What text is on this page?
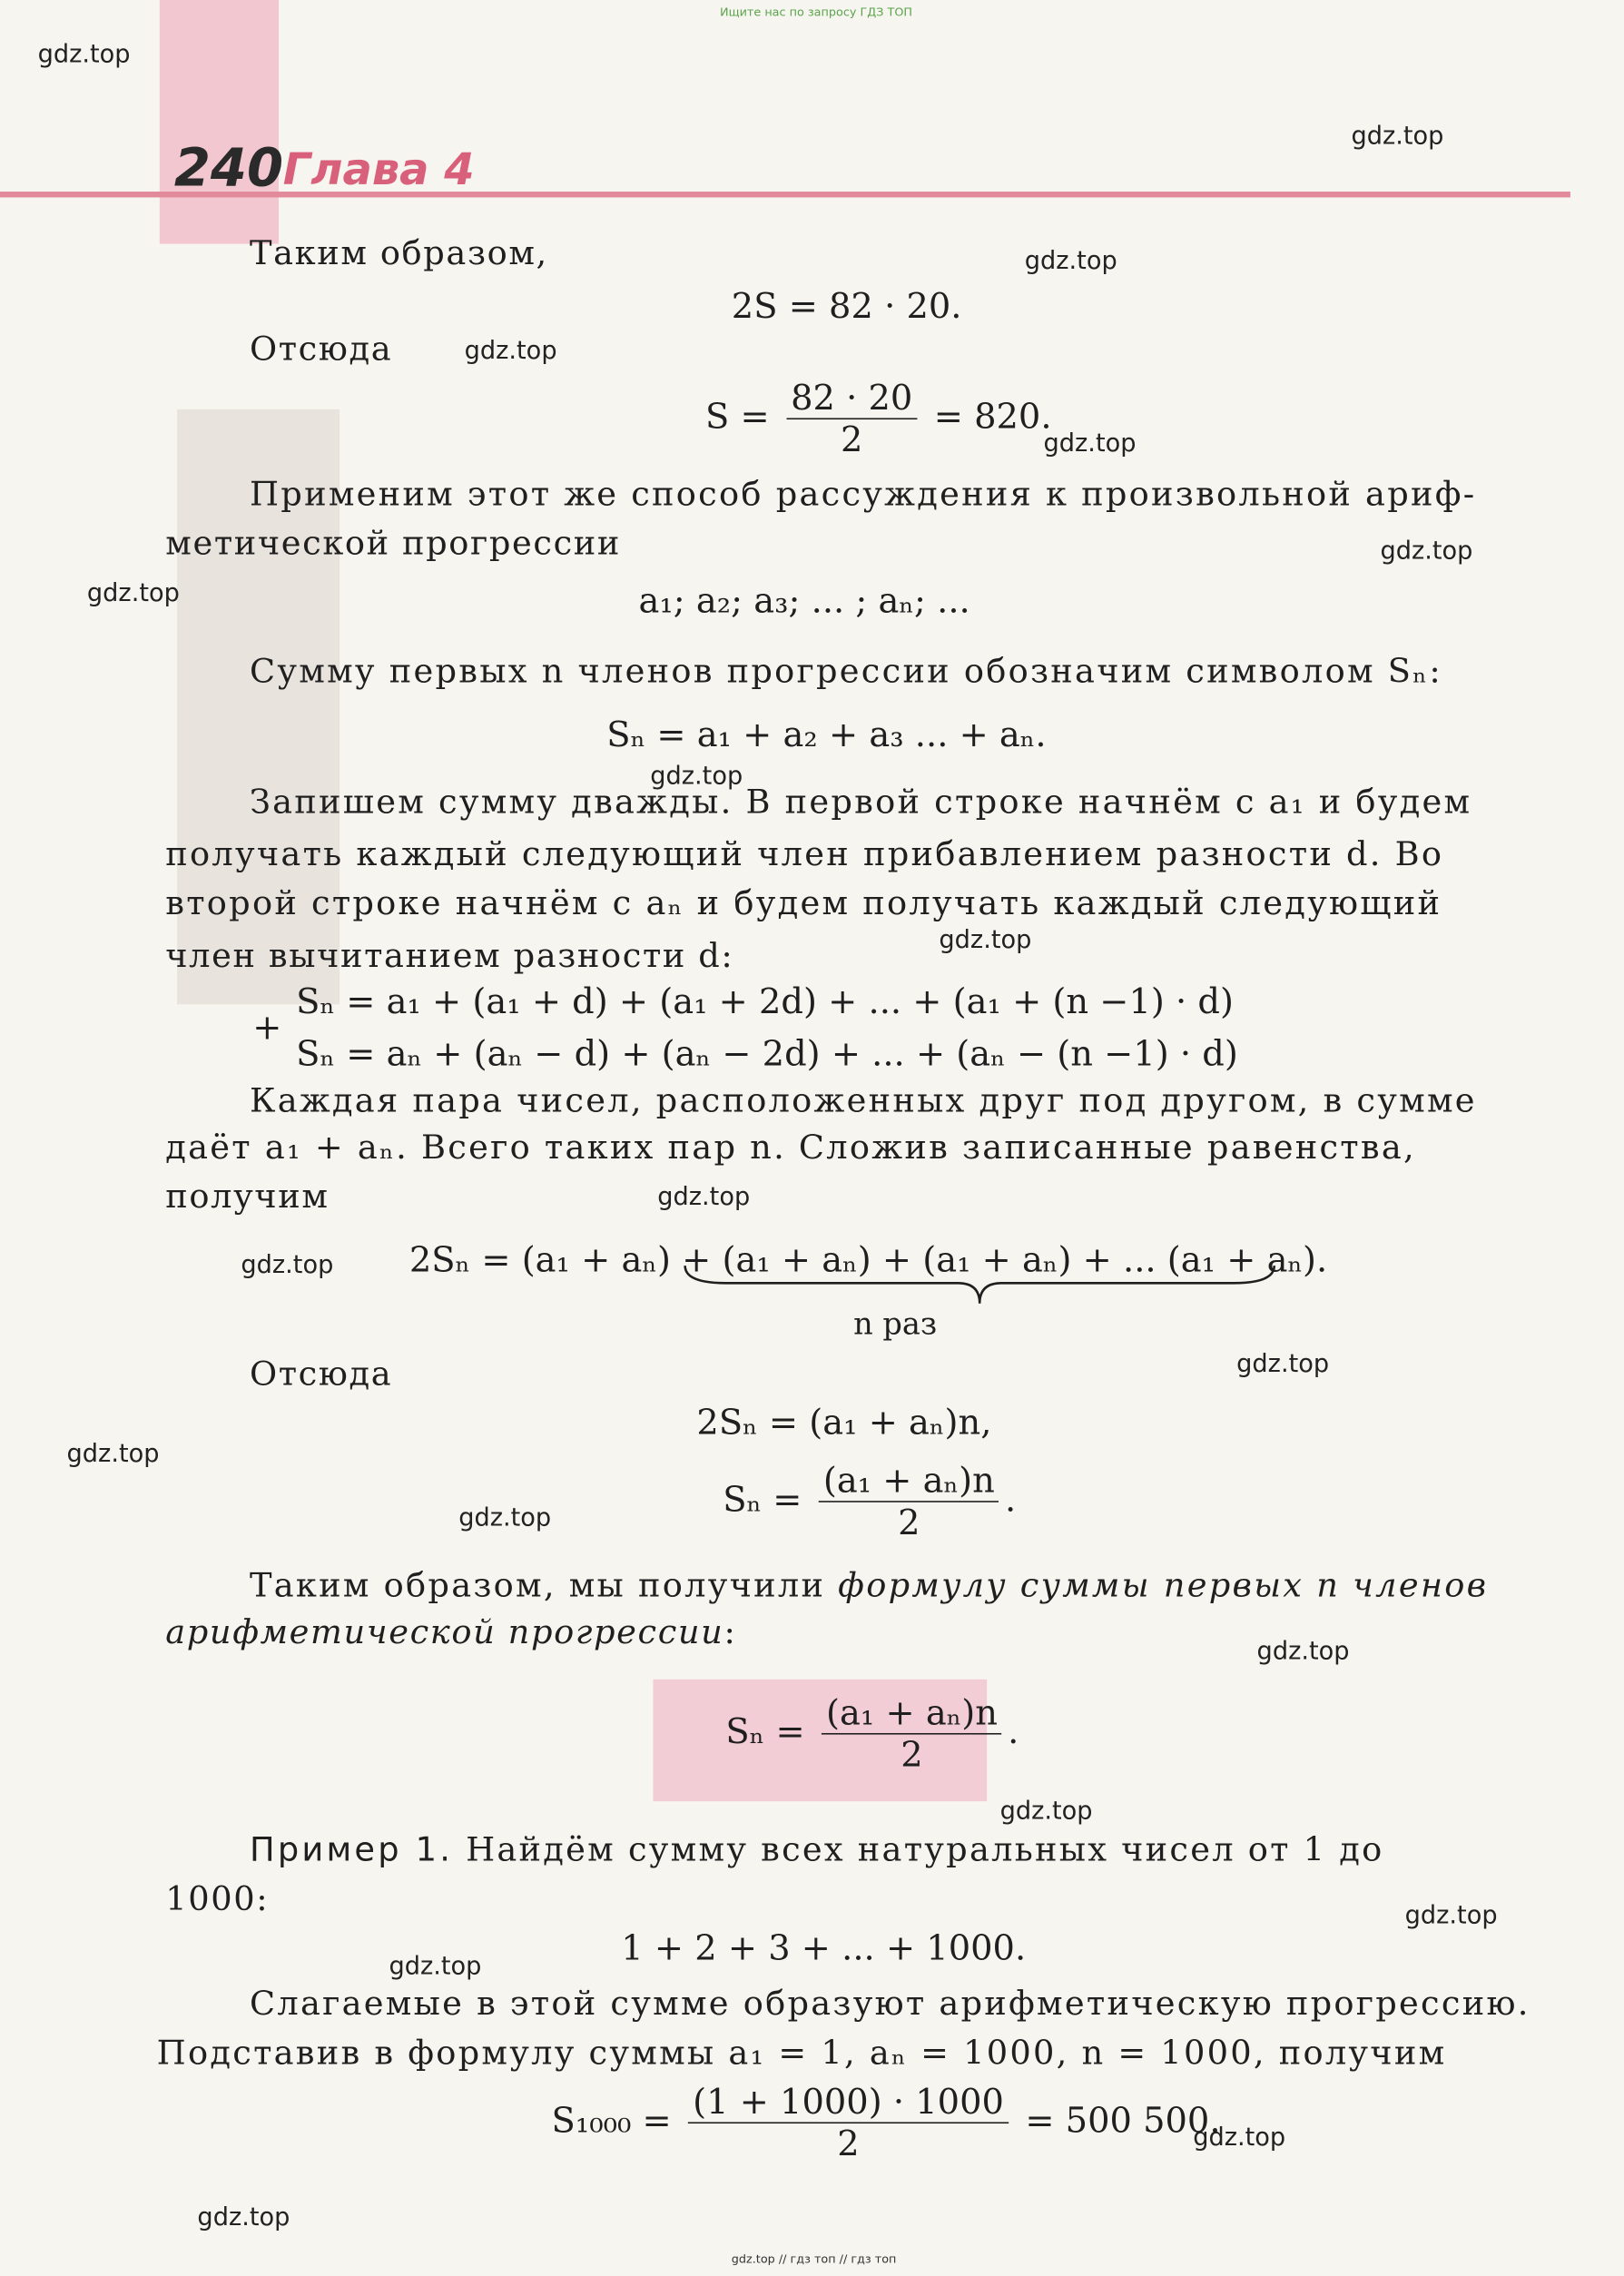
Ищите нас по запросу ГДЗ ТОП
240 Глава 4
gdz.top
gdz.top
gdz.top
gdz.top
gdz.top
gdz.top
gdz.top
gdz.top
gdz.top
gdz.top
gdz.top
gdz.top
gdz.top
gdz.top
gdz.top
gdz.top
gdz.top
gdz.top
gdz.top
gdz.top
Таким образом,
2S = 82 · 20.
Отсюда
$S = \frac{82 \cdot 20}{2} = 820$.
Применим этот же способ рассуждения к произвольной ариф-
метической прогрессии
a₁; a₂; a₃; ... ; aₙ; ...
Сумму первых n членов прогрессии обозначим символом Sₙ:
Sₙ = a₁ + a₂ + a₃ ... + aₙ.
Запишем сумму дважды. В первой строке начнём с a₁ и будем
получать каждый следующий член прибавлением разности d. Во
второй строке начнём с aₙ и будем получать каждый следующий
член вычитанием разности d:
Sₙ = a₁ + (a₁ + d) + (a₁ + 2d) + ... + (a₁ + (n −1) · d)
+
Sₙ = aₙ + (aₙ − d) + (aₙ − 2d) + ... + (aₙ − (n −1) · d)
Каждая пара чисел, расположенных друг под другом, в сумме
даёт a₁ + aₙ. Всего таких пар n. Сложив записанные равенства,
получим
2Sₙ = (a₁ + aₙ) + (a₁ + aₙ) + (a₁ + aₙ) + ... (a₁ + aₙ).
n раз
Отсюда
2Sₙ = (a₁ + aₙ)n,
$S_n = \frac{\text{(a₁ + aₙ)n}}{2}$ .
Таким образом, мы получили формулу суммы первых n членов
арифметической прогрессии:
$S_n = \frac{\text{(a₁ + aₙ)n}}{2}$ .
Пример 1. Найдём сумму всех натуральных чисел от 1 до
1000:
1 + 2 + 3 + ... + 1000.
Слагаемые в этой сумме образуют арифметическую прогрессию.
Подставив в формулу суммы a₁ = 1, aₙ = 1000, n = 1000, получим
$S_{1000} = \frac{(1 + 1000) \cdot 1000}{2} = 500$ 500.
gdz.top // гдз топ // гдз топ
